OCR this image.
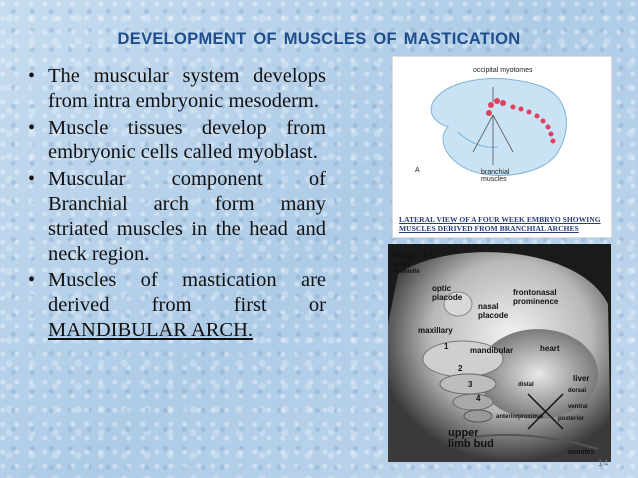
DEVELOPMENT OF MUSCLES OF MASTICATION
• The muscular system develops from intra embryonic mesoderm.
• Muscle tissues develop from embryonic cells called myoblast.
• Muscular component of Branchial arch form many striated muscles in the head and neck region.
• Muscles of mastication are derived from first or MANDIBULAR ARCH.
occipital myotomes
A	branchial muscles
LATERAL VIEW OF A FOUR WEEK EMBRYO SHOWING MUSCLES DERIVED FROM BRANCHIAL ARCHES
Stage 14
32 day
35 somite
optic placode
frontonasal prominence
nasal placode
maxillary
1	mandibular
2
3
4
heart
liver
distal
proximal
dorsal
ventral
anterior	posterior
upper limb bud
somites
14
